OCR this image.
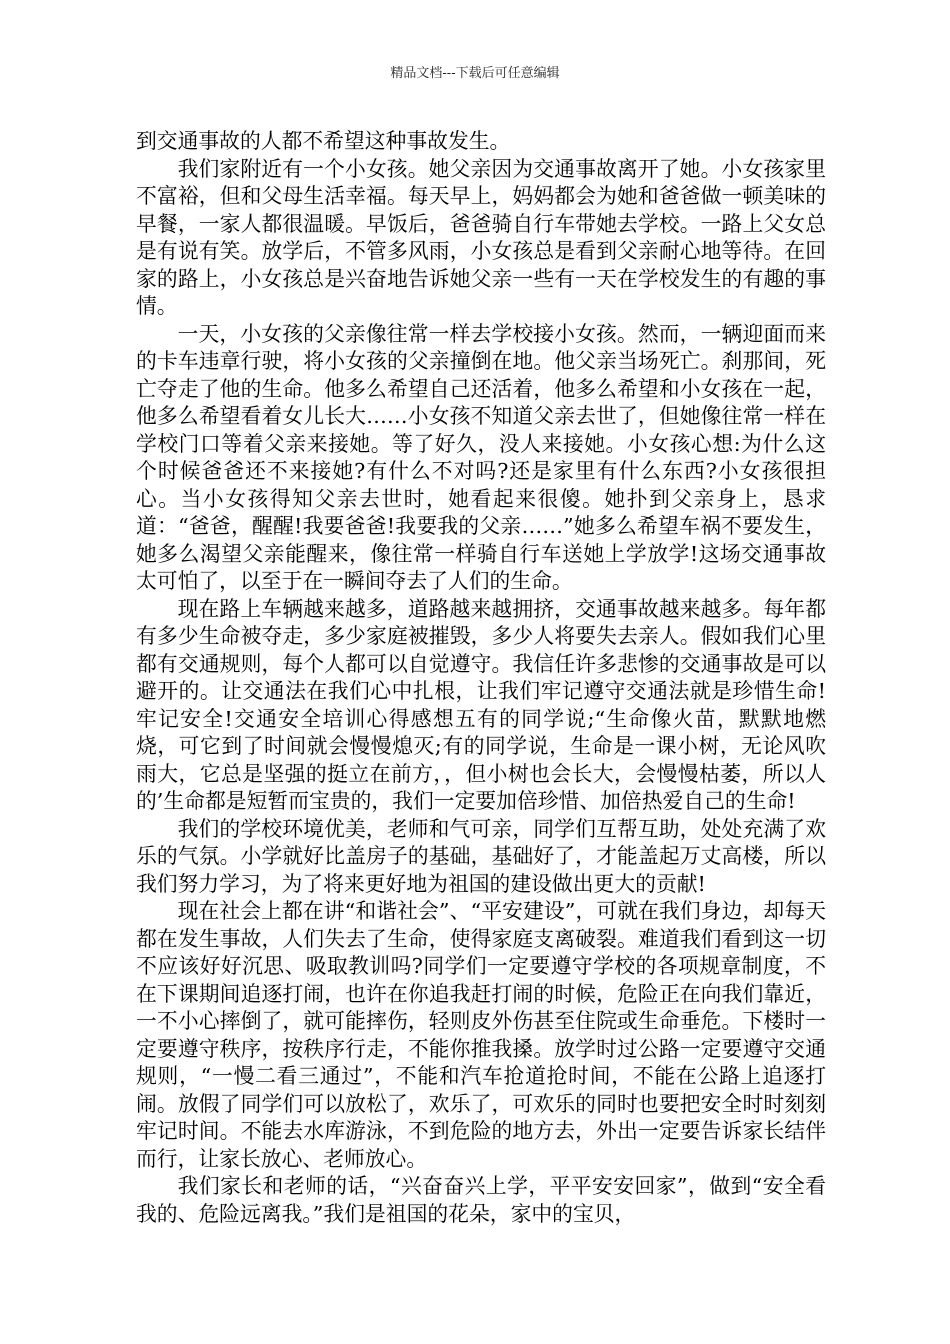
精品文档---下载后可任意编辑

到交通事故的人都不希望这种事故发生。

我们家附近有一个小女孩。她父亲因为交通事故离开了她。小女孩家里不富裕，但和父母生活幸福。每天早上，妈妈都会为她和爸爸做一顿美味的早餐，一家人都很温暖。早饭后，爸爸骑自行车带她去学校。一路上父女总是有说有笑。放学后，不管多风雨，小女孩总是看到父亲耐心地等待。在回家的路上，小女孩总是兴奋地告诉她父亲一些有一天在学校发生的有趣的事情。

一天，小女孩的父亲像往常一样去学校接小女孩。然而，一辆迎面而来的卡车违章行驶，将小女孩的父亲撞倒在地。他父亲当场死亡。刹那间，死亡夺走了他的生命。他多么希望自己还活着，他多么希望和小女孩在一起，他多么希望看着女儿长大……小女孩不知道父亲去世了，但她像往常一样在学校门口等着父亲来接她。等了好久，没人来接她。小女孩心想:为什么这个时候爸爸还不来接她?有什么不对吗?还是家里有什么东西?小女孩很担心。当小女孩得知父亲去世时，她看起来很傻。她扑到父亲身上，恳求道：“爸爸，醒醒!我要爸爸!我要我的父亲……”她多么希望车祸不要发生，她多么渴望父亲能醒来，像往常一样骑自行车送她上学放学!这场交通事故太可怕了，以至于在一瞬间夺去了人们的生命。

现在路上车辆越来越多，道路越来越拥挤，交通事故越来越多。每年都有多少生命被夺走，多少家庭被摧毁，多少人将要失去亲人。假如我们心里都有交通规则，每个人都可以自觉遵守。我信任许多悲惨的交通事故是可以避开的。让交通法在我们心中扎根，让我们牢记遵守交通法就是珍惜生命!牢记安全!交通安全培训心得感想五有的同学说;“生命像火苗，默默地燃烧，可它到了时间就会慢慢熄灭;有的同学说，生命是一课小树，无论风吹雨大，它总是坚强的挺立在前方，，但小树也会长大，会慢慢枯萎，所以人的’生命都是短暂而宝贵的，我们一定要加倍珍惜、加倍热爱自己的生命!

我们的学校环境优美，老师和气可亲，同学们互帮互助，处处充满了欢乐的气氛。小学就好比盖房子的基础，基础好了，才能盖起万丈高楼，所以我们努力学习，为了将来更好地为祖国的建设做出更大的贡献!

现在社会上都在讲“和谐社会”、“平安建设”，可就在我们身边，却每天都在发生事故，人们失去了生命，使得家庭支离破裂。难道我们看到这一切不应该好好沉思、吸取教训吗?同学们一定要遵守学校的各项规章制度，不在下课期间追逐打闹，也许在你追我赶打闹的时候，危险正在向我们靠近，一不小心摔倒了，就可能摔伤，轻则皮外伤甚至住院或生命垂危。下楼时一定要遵守秩序，按秩序行走，不能你推我搡。放学时过公路一定要遵守交通规则，“一慢二看三通过”，不能和汽车抢道抢时间，不能在公路上追逐打闹。放假了同学们可以放松了，欢乐了，可欢乐的同时也要把安全时时刻刻牢记时间。不能去水库游泳，不到危险的地方去，外出一定要告诉家长结伴而行，让家长放心、老师放心。

我们家长和老师的话，“兴奋奋兴上学，平平安安回家”，做到“安全看我的、危险远离我。”我们是祖国的花朵，家中的宝贝，
